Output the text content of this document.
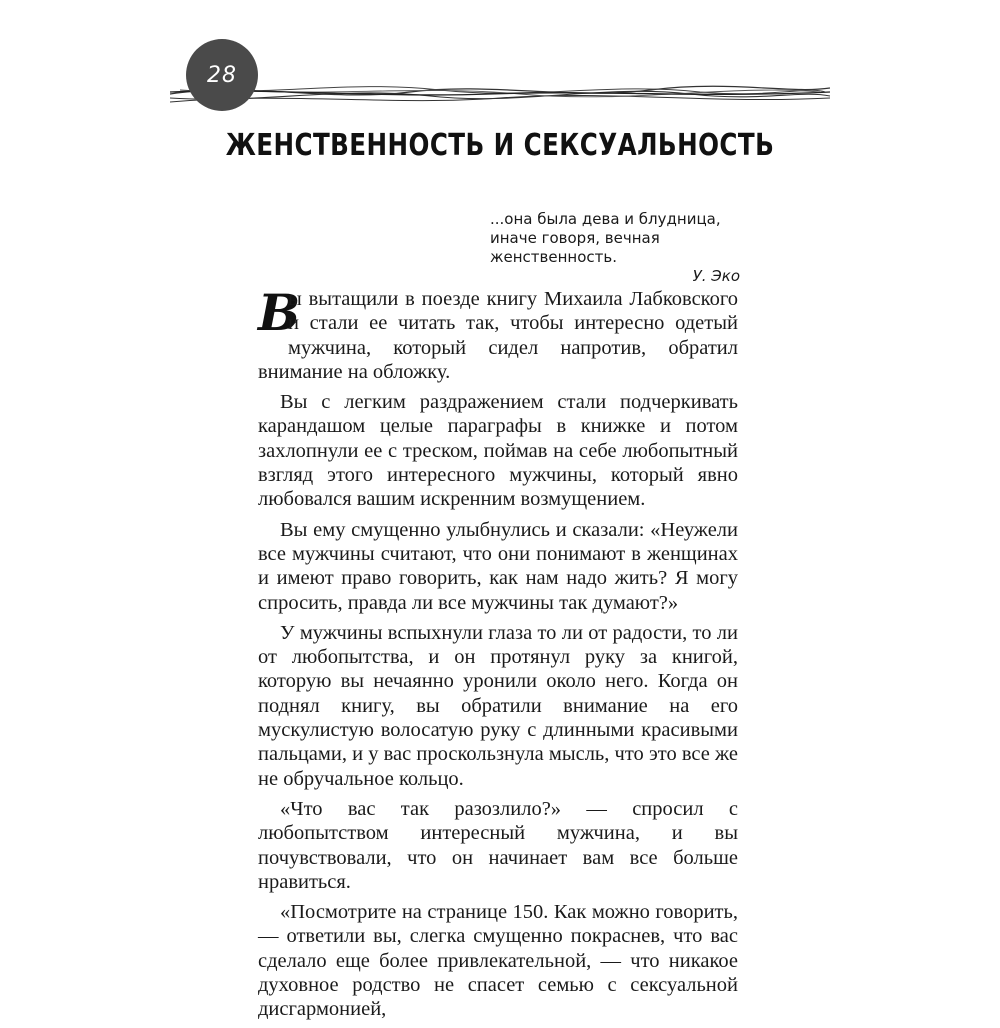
28
ЖЕНСТВЕННОСТЬ И СЕКСУАЛЬНОСТЬ
...она была дева и блудница, иначе говоря, вечная женственность.
У. Эко

В
ы вытащили в поезде книгу Михаила Лабковского и стали ее читать так, чтобы интересно одетый мужчина, который сидел напротив, обратил внимание на обложку.

Вы с легким раздражением стали подчеркивать карандашом целые параграфы в книжке и потом захлопнули ее с треском, поймав на себе любопытный взгляд этого интересного мужчины, который явно любовался вашим искренним возмущением.

Вы ему смущенно улыбнулись и сказали: «Неужели все мужчины считают, что они понимают в женщинах и имеют право говорить, как нам надо жить? Я могу спросить, правда ли все мужчины так думают?»

У мужчины вспыхнули глаза то ли от радости, то ли от любопытства, и он протянул руку за книгой, которую вы нечаянно уронили около него. Когда он поднял книгу, вы обратили внимание на его мускулистую волосатую руку с длинными красивыми пальцами, и у вас проскользнула мысль, что это все же не обручальное кольцо.

«Что вас так разозлило?» — спросил с любопытством интересный мужчина, и вы почувствовали, что он начинает вам все больше нравиться.

«Посмотрите на странице 150. Как можно говорить, — ответили вы, слегка смущенно покраснев, что вас сделало еще более привлекательной, — что никакое духовное родство не спасет семью с сексуальной дисгармонией,
